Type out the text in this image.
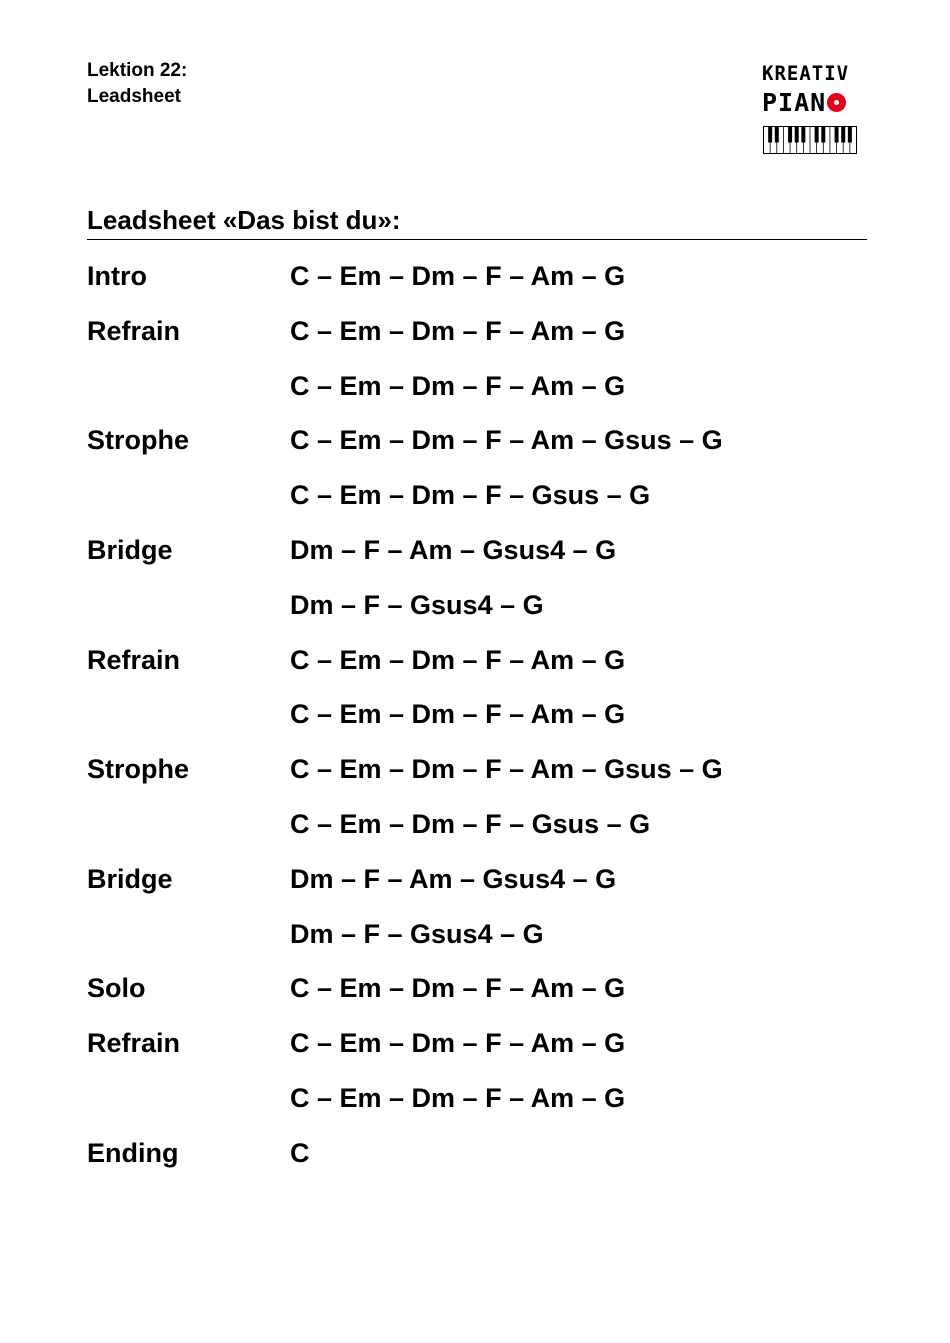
Lektion 22:
Leadsheet
KREATIV
PIAN
Leadsheet «Das bist du»:
Intro	C – Em – Dm – F – Am – G
Refrain	C – Em – Dm – F – Am – G
C – Em – Dm – F – Am – G
Strophe	C – Em – Dm – F – Am – Gsus – G
C – Em – Dm – F – Gsus – G
Bridge	Dm – F – Am – Gsus4 – G
Dm – F – Gsus4 – G
Refrain	C – Em – Dm – F – Am – G
C – Em – Dm – F – Am – G
Strophe	C – Em – Dm – F – Am – Gsus – G
C – Em – Dm – F – Gsus – G
Bridge	Dm – F – Am – Gsus4 – G
Dm – F – Gsus4 – G
Solo	C – Em – Dm – F – Am – G
Refrain	C – Em – Dm – F – Am – G
C – Em – Dm – F – Am – G
Ending	C
